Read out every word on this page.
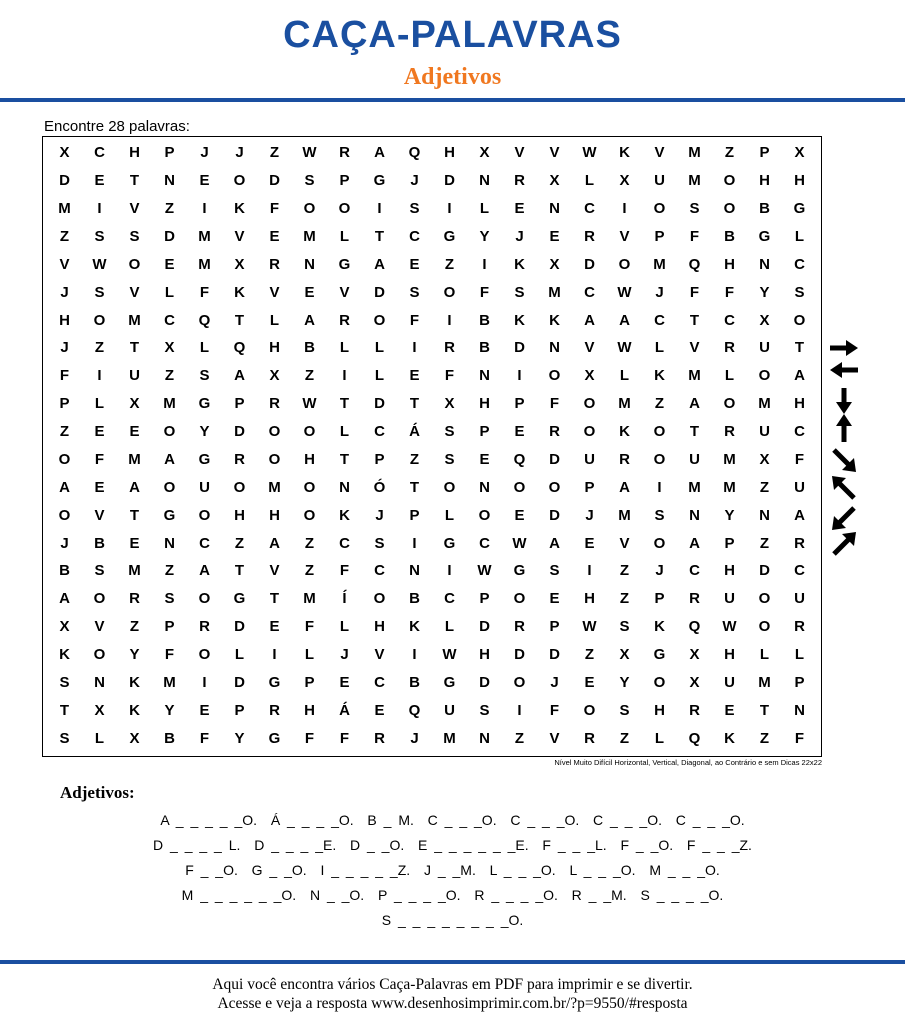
CAÇA-PALAVRAS
Adjetivos
Encontre 28 palavras:
X	C	H	P	J	J	Z	W	R	A	Q	H	X	V	V	W	K	V	M	Z	P	X
D	E	T	N	E	O	D	S	P	G	J	D	N	R	X	L	X	U	M	O	H	H
M	I	V	Z	I	K	F	O	O	I	S	I	L	E	N	C	I	O	S	O	B	G
Z	S	S	D	M	V	E	M	L	T	C	G	Y	J	E	R	V	P	F	B	G	L
V	W	O	E	M	X	R	N	G	A	E	Z	I	K	X	D	O	M	Q	H	N	C
J	S	V	L	F	K	V	E	V	D	S	O	F	S	M	C	W	J	F	F	Y	S
H	O	M	C	Q	T	L	A	R	O	F	I	B	K	K	A	A	C	T	C	X	O
J	Z	T	X	L	Q	H	B	L	L	I	R	B	D	N	V	W	L	V	R	U	T
F	I	U	Z	S	A	X	Z	I	L	E	F	N	I	O	X	L	K	M	L	O	A
P	L	X	M	G	P	R	W	T	D	T	X	H	P	F	O	M	Z	A	O	M	H
Z	E	E	O	Y	D	O	O	L	C	Á	S	P	E	R	O	K	O	T	R	U	C
O	F	M	A	G	R	O	H	T	P	Z	S	E	Q	D	U	R	O	U	M	X	F
A	E	A	O	U	O	M	O	N	Ó	T	O	N	O	O	P	A	I	M	M	Z	U
O	V	T	G	O	H	H	O	K	J	P	L	O	E	D	J	M	S	N	Y	N	A
J	B	E	N	C	Z	A	Z	C	S	I	G	C	W	A	E	V	O	A	P	Z	R
B	S	M	Z	A	T	V	Z	F	C	N	I	W	G	S	I	Z	J	C	H	D	C
A	O	R	S	O	G	T	M	Í	O	B	C	P	O	E	H	Z	P	R	U	O	U
X	V	Z	P	R	D	E	F	L	H	K	L	D	R	P	W	S	K	Q	W	O	R
K	O	Y	F	O	L	I	L	J	V	I	W	H	D	D	Z	X	G	X	H	L	L
S	N	K	M	I	D	G	P	E	C	B	G	D	O	J	E	Y	O	X	U	M	P
T	X	K	Y	E	P	R	H	Á	E	Q	U	S	I	F	O	S	H	R	E	T	N
S	L	X	B	F	Y	G	F	F	R	J	M	N	Z	V	R	Z	L	Q	K	Z	F
Nível Muito Difícil Horizontal, Vertical, Diagonal, ao Contrário e sem Dicas 22x22
Adjetivos:
A _ _ _ _ _O.  Á _ _ _ _O.  B _ M.  C _ _ _O.  C _ _ _O.  C _ _ _O.  C _ _ _O.
D _ _ _ _ L.  D _ _ _ _E.  D _ _O.  E _ _ _ _ _ _E.  F _ _ _L.  F _ _O.  F _ _ _Z.
F _ _O.  G _ _O.  I _ _ _ _ _Z.  J _ _M.  L _ _ _O.  L _ _ _O.  M _ _ _O.
M _ _ _ _ _ _O.  N _ _O.  P _ _ _ _O.  R _ _ _ _O.  R _ _M.  S _ _ _ _O.
S _ _ _ _ _ _ _ _O.
Aqui você encontra vários Caça-Palavras em PDF para imprimir e se divertir.
Acesse e veja a resposta www.desenhosimprimir.com.br/?p=9550/#resposta
